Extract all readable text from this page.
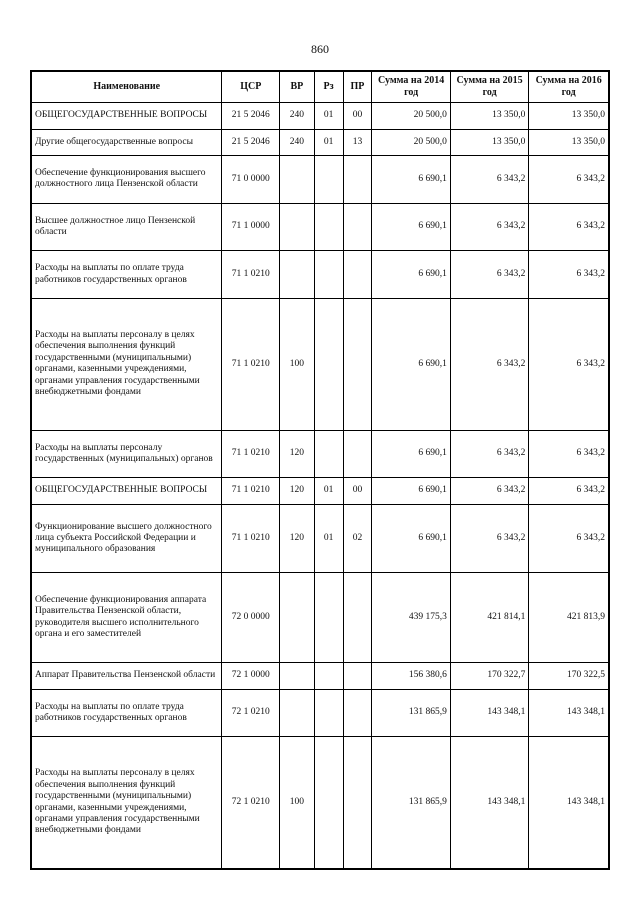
860
Наименование	ЦСР	ВР	Рз	ПР	Сумма на 2014 год	Сумма на 2015 год	Сумма на 2016 год
ОБЩЕГОСУДАРСТВЕННЫЕ ВОПРОСЫ	21 5 2046	240	01	00	20 500,0	13 350,0	13 350,0
Другие общегосударственные вопросы	21 5 2046	240	01	13	20 500,0	13 350,0	13 350,0
Обеспечение функционирования высшего должностного лица Пензенской области	71 0 0000				6 690,1	6 343,2	6 343,2
Высшее должностное лицо Пензенской области	71 1 0000				6 690,1	6 343,2	6 343,2
Расходы на выплаты по оплате труда работников государственных органов	71 1 0210				6 690,1	6 343,2	6 343,2
Расходы на выплаты персоналу в целях обеспечения выполнения функций государственными (муниципальными) органами, казенными учреждениями, органами управления государственными внебюджетными фондами	71 1 0210	100			6 690,1	6 343,2	6 343,2
Расходы на выплаты персоналу государственных (муниципальных) органов	71 1 0210	120			6 690,1	6 343,2	6 343,2
ОБЩЕГОСУДАРСТВЕННЫЕ ВОПРОСЫ	71 1 0210	120	01	00	6 690,1	6 343,2	6 343,2
Функционирование высшего должностного лица субъекта Российской Федерации и муниципального образования	71 1 0210	120	01	02	6 690,1	6 343,2	6 343,2
Обеспечение функционирования аппарата Правительства Пензенской области, руководителя высшего исполнительного органа и его заместителей	72 0 0000				439 175,3	421 814,1	421 813,9
Аппарат Правительства Пензенской области	72 1 0000				156 380,6	170 322,7	170 322,5
Расходы на выплаты по оплате труда работников государственных органов	72 1 0210				131 865,9	143 348,1	143 348,1
Расходы на выплаты персоналу в целях обеспечения выполнения функций государственными (муниципальными) органами, казенными учреждениями, органами управления государственными внебюджетными фондами	72 1 0210	100			131 865,9	143 348,1	143 348,1
